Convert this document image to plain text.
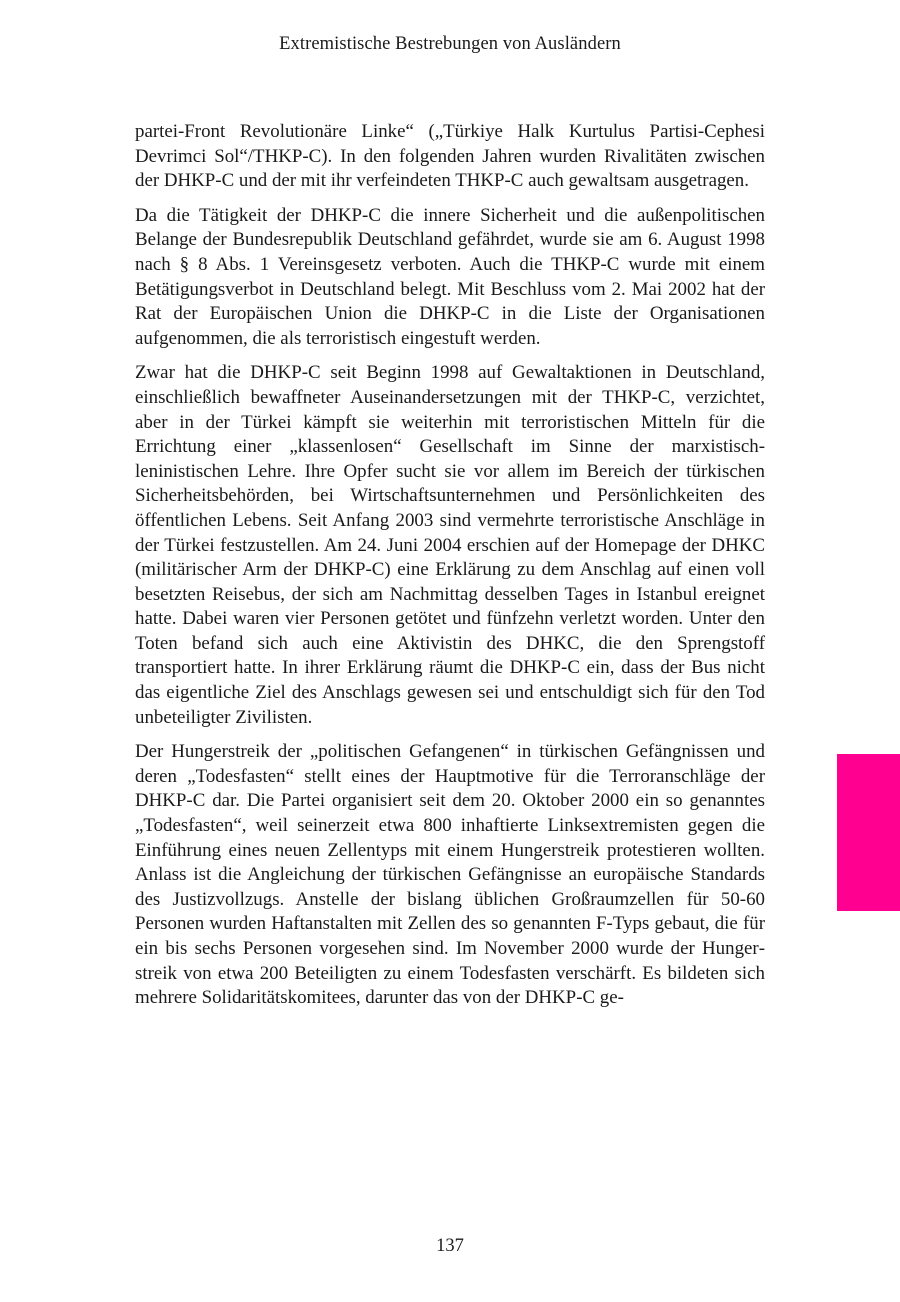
Extremistische Bestrebungen von Ausländern

partei-Front Revolutionäre Linke“ („Türkiye Halk Kurtulus Partisi-Cephesi Devrimci Sol“/THKP-C). In den folgenden Jahren wurden Rivalitäten zwischen der DHKP-C und der mit ihr verfeindeten THKP-C auch gewaltsam ausgetragen.

Da die Tätigkeit der DHKP-C die innere Sicherheit und die außenpolitischen Belange der Bundesrepublik Deutschland gefährdet, wurde sie am 6. August 1998 nach § 8 Abs. 1 Vereinsgesetz verboten. Auch die THKP-C wurde mit einem Betätigungsverbot in Deutschland belegt. Mit Beschluss vom 2. Mai 2002 hat der Rat der Europäischen Union die DHKP-C in die Liste der Organisationen aufgenommen, die als terroristisch eingestuft werden.

Zwar hat die DHKP-C seit Beginn 1998 auf Gewaltaktionen in Deutschland, einschließlich bewaffneter Auseinandersetzungen mit der THKP-C, verzichtet, aber in der Türkei kämpft sie weiterhin mit terroristischen Mitteln für die Errichtung einer „klassenlosen“ Gesellschaft im Sinne der marxistisch-leninistischen Lehre. Ihre Opfer sucht sie vor allem im Bereich der türkischen Sicherheitsbehörden, bei Wirtschaftsunternehmen und Persönlichkeiten des öffentlichen Lebens. Seit Anfang 2003 sind vermehrte terroristische Anschläge in der Türkei festzustellen. Am 24. Juni 2004 erschien auf der Homepage der DHKC (militärischer Arm der DHKP-C) eine Erklärung zu dem Anschlag auf einen voll besetzten Reisebus, der sich am Nachmittag desselben Tages in Istanbul ereignet hatte. Dabei waren vier Personen getötet und fünfzehn verletzt worden. Unter den Toten befand sich auch eine Aktivistin des DHKC, die den Sprengstoff transportiert hatte. In ihrer Erklärung räumt die DHKP-C ein, dass der Bus nicht das eigentliche Ziel des Anschlags gewesen sei und entschuldigt sich für den Tod unbeteiligter Zivilisten.

Der Hungerstreik der „politischen Gefangenen“ in türkischen Gefängnissen und deren „Todesfasten“ stellt eines der Hauptmotive für die Terroranschläge der DHKP-C dar. Die Partei organisiert seit dem 20. Oktober 2000 ein so genanntes „Todesfasten“, weil seinerzeit etwa 800 inhaftierte Linksextremisten gegen die Einführung eines neuen Zellentyps mit einem Hungerstreik protestieren wollten. Anlass ist die Angleichung der türkischen Gefängnisse an europäische Standards des Justizvollzugs. Anstelle der bislang üblichen Großraumzellen für 50-60 Personen wurden Haftanstalten mit Zellen des so genannten F-Typs gebaut, die für ein bis sechs Personen vorgesehen sind. Im November 2000 wurde der Hungerstreik von etwa 200 Beteiligten zu einem Todesfasten verschärft. Es bildeten sich mehrere Solidaritätskomitees, darunter das von der DHKP-C ge-

137
